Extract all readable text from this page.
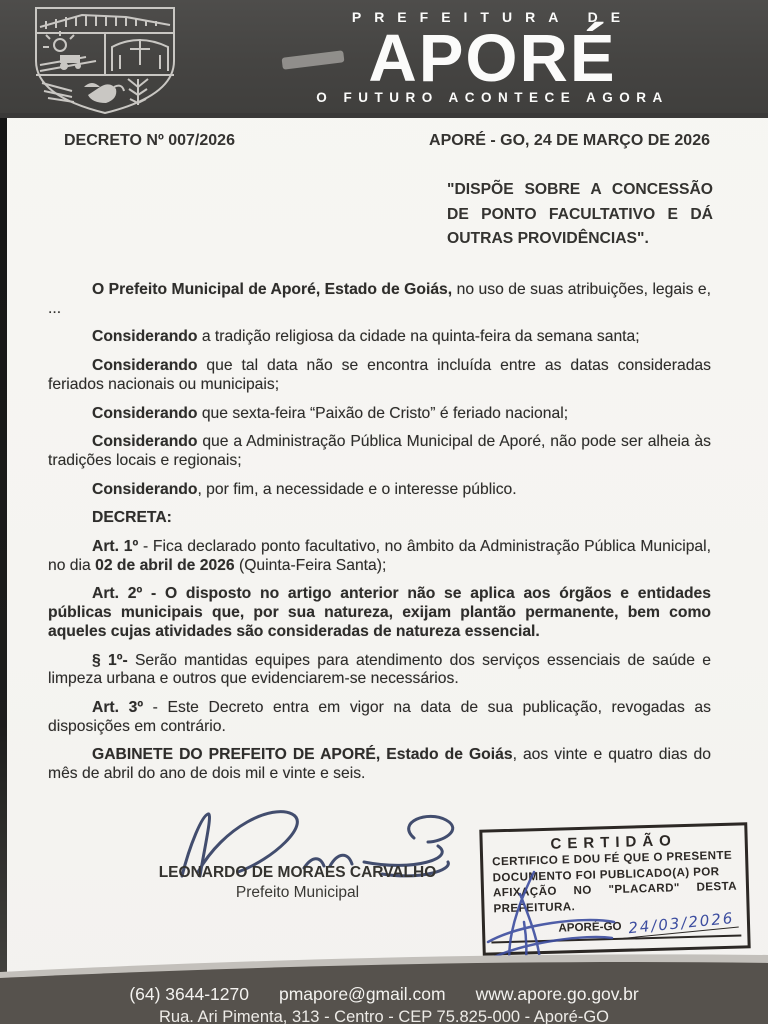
PREFEITURA DE
APORÉ
O FUTURO ACONTECE AGORA
DECRETO Nº 007/2026	APORÉ - GO, 24 DE MARÇO DE 2026
"DISPÕE SOBRE A CONCESSÃO DE PONTO FACULTATIVO E DÁ OUTRAS PROVIDÊNCIAS".

O Prefeito Municipal de Aporé, Estado de Goiás, no uso de suas atribuições, legais e, ...

Considerando a tradição religiosa da cidade na quinta-feira da semana santa;

Considerando que tal data não se encontra incluída entre as datas consideradas feriados nacionais ou municipais;

Considerando que sexta-feira “Paixão de Cristo” é feriado nacional;

Considerando que a Administração Pública Municipal de Aporé, não pode ser alheia às tradições locais e regionais;

Considerando, por fim, a necessidade e o interesse público.

DECRETA:

Art. 1º - Fica declarado ponto facultativo, no âmbito da Administração Pública Municipal, no dia 02 de abril de 2026 (Quinta-Feira Santa);

Art. 2º - O disposto no artigo anterior não se aplica aos órgãos e entidades públicas municipais que, por sua natureza, exijam plantão permanente, bem como aqueles cujas atividades são consideradas de natureza essencial.

§ 1º- Serão mantidas equipes para atendimento dos serviços essenciais de saúde e limpeza urbana e outros que evidenciarem-se necessários.

Art. 3º - Este Decreto entra em vigor na data de sua publicação, revogadas as disposições em contrário.

GABINETE DO PREFEITO DE APORÉ, Estado de Goiás, aos vinte e quatro dias do mês de abril do ano de dois mil e vinte e seis.

LEONARDO DE MORAES CARVALHO
Prefeito Municipal
CERTIDÃO
CERTIFICO E DOU FÉ QUE O PRESENTE
DOCUMENTO FOI PUBLICADO(A) POR
AFIXAÇÃO NO "PLACARD" DESTA PREFEITURA.
APORÉ-GO 24/03/2026
(64) 3644-1270 pmapore@gmail.com www.apore.go.gov.br
Rua. Ari Pimenta, 313 - Centro - CEP 75.825-000 - Aporé-GO
